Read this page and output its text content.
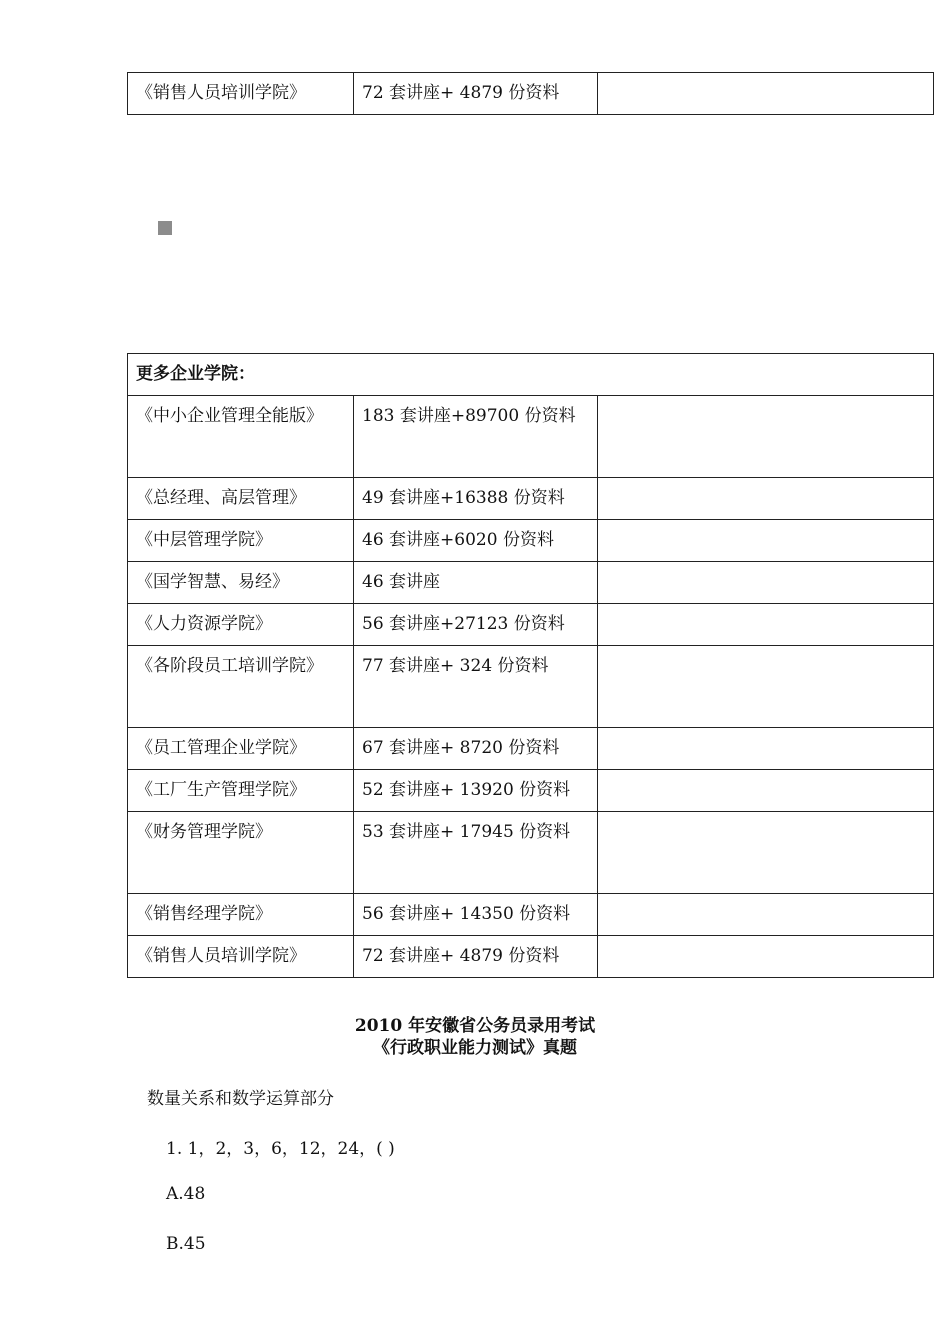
《销售人员培训学院》	72 套讲座+ 4879 份资料	
更多企业学院：		
《中小企业管理全能版》	183 套讲座+89700 份资料	
《总经理、高层管理》	49 套讲座+16388 份资料	
《中层管理学院》	46 套讲座+6020 份资料	
《国学智慧、易经》	46 套讲座	
《人力资源学院》	56 套讲座+27123 份资料	
《各阶段员工培训学院》	77 套讲座+ 324 份资料	
《员工管理企业学院》	67 套讲座+ 8720 份资料	
《工厂生产管理学院》	52 套讲座+ 13920 份资料	
《财务管理学院》	53 套讲座+ 17945 份资料	
《销售经理学院》	56 套讲座+ 14350 份资料	
《销售人员培训学院》	72 套讲座+ 4879 份资料	
2010 年安徽省公务员录用考试
《行政职业能力测试》真题
数量关系和数学运算部分
1. 1，2，3，6，12，24，( )
A.48
B.45
